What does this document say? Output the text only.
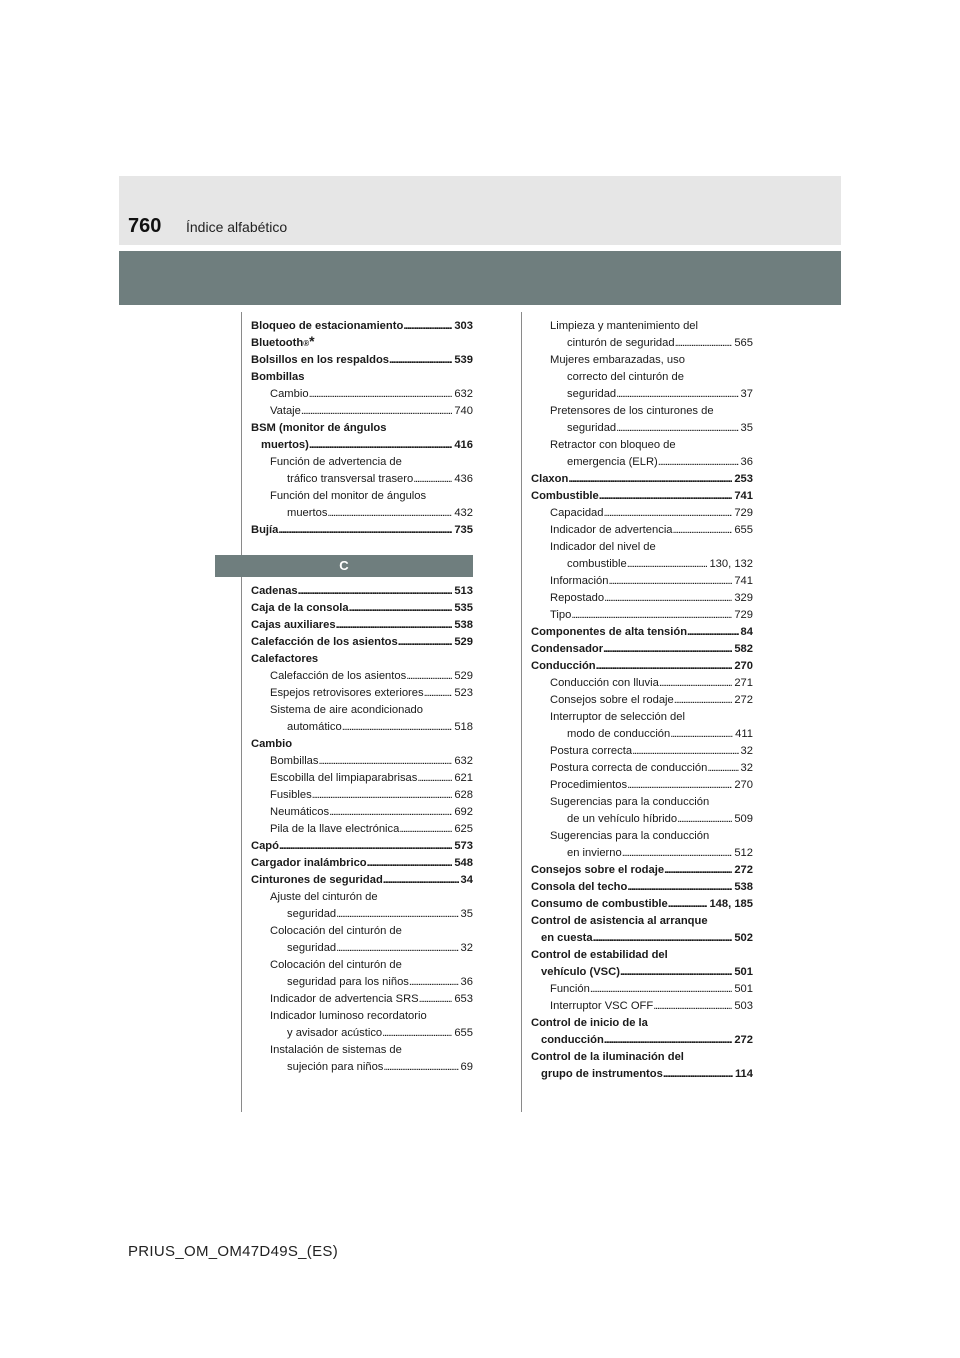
760 Índice alfabético
Bloqueo de estacionamiento . . .	303
Bluetooth ® *
Bolsillos en los respaldos . . .	539
Bombillas
Cambio . . .	632
Vataje . . .	740
BSM (monitor de ángulos
muertos) . . .	416
Función de advertencia de
tráfico transversal trasero . . .	436
Función del monitor de ángulos
muertos . . .	432
Bujía . . .	735
C
Cadenas . . .	513
Caja de la consola . . .	535
Cajas auxiliares . . .	538
Calefacción de los asientos . . .	529
Calefactores
Calefacción de los asientos . . .	529
Espejos retrovisores exteriores . . .	523
Sistema de aire acondicionado
automático . . .	518
Cambio
Bombillas . . .	632
Escobilla del limpiaparabrisas . . .	621
Fusibles . . .	628
Neumáticos . . .	692
Pila de la llave electrónica . . .	625
Capó . . .	573
Cargador inalámbrico . . .	548
Cinturones de seguridad . . .	34
Ajuste del cinturón de
seguridad . . .	35
Colocación del cinturón de
seguridad . . .	32
Colocación del cinturón de
seguridad para los niños . . .	36
Indicador de advertencia SRS . . .	653
Indicador luminoso recordatorio
y avisador acústico . . .	655
Instalación de sistemas de
sujeción para niños . . .	69
Limpieza y mantenimiento del
cinturón de seguridad . . .	565
Mujeres embarazadas, uso
correcto del cinturón de
seguridad . . .	37
Pretensores de los cinturones de
seguridad . . .	35
Retractor con bloqueo de
emergencia (ELR) . . .	36
Claxon . . .	253
Combustible . . .	741
Capacidad . . .	729
Indicador de advertencia . . .	655
Indicador del nivel de
combustible . . .	130, 132
Información . . .	741
Repostado . . .	329
Tipo . . .	729
Componentes de alta tensión . . .	84
Condensador . . .	582
Conducción . . .	270
Conducción con lluvia . . .	271
Consejos sobre el rodaje . . .	272
Interruptor de selección del
modo de conducción . . .	411
Postura correcta . . .	32
Postura correcta de conducción . . .	32
Procedimientos . . .	270
Sugerencias para la conducción
de un vehículo híbrido . . .	509
Sugerencias para la conducción
en invierno . . .	512
Consejos sobre el rodaje . . .	272
Consola del techo . . .	538
Consumo de combustible . . .	148, 185
Control de asistencia al arranque
en cuesta . . .	502
Control de estabilidad del
vehículo (VSC) . . .	501
Función . . .	501
Interruptor VSC OFF . . .	503
Control de inicio de la
conducción . . .	272
Control de la iluminación del
grupo de instrumentos . . .	114
PRIUS_OM_OM47D49S_(ES)
